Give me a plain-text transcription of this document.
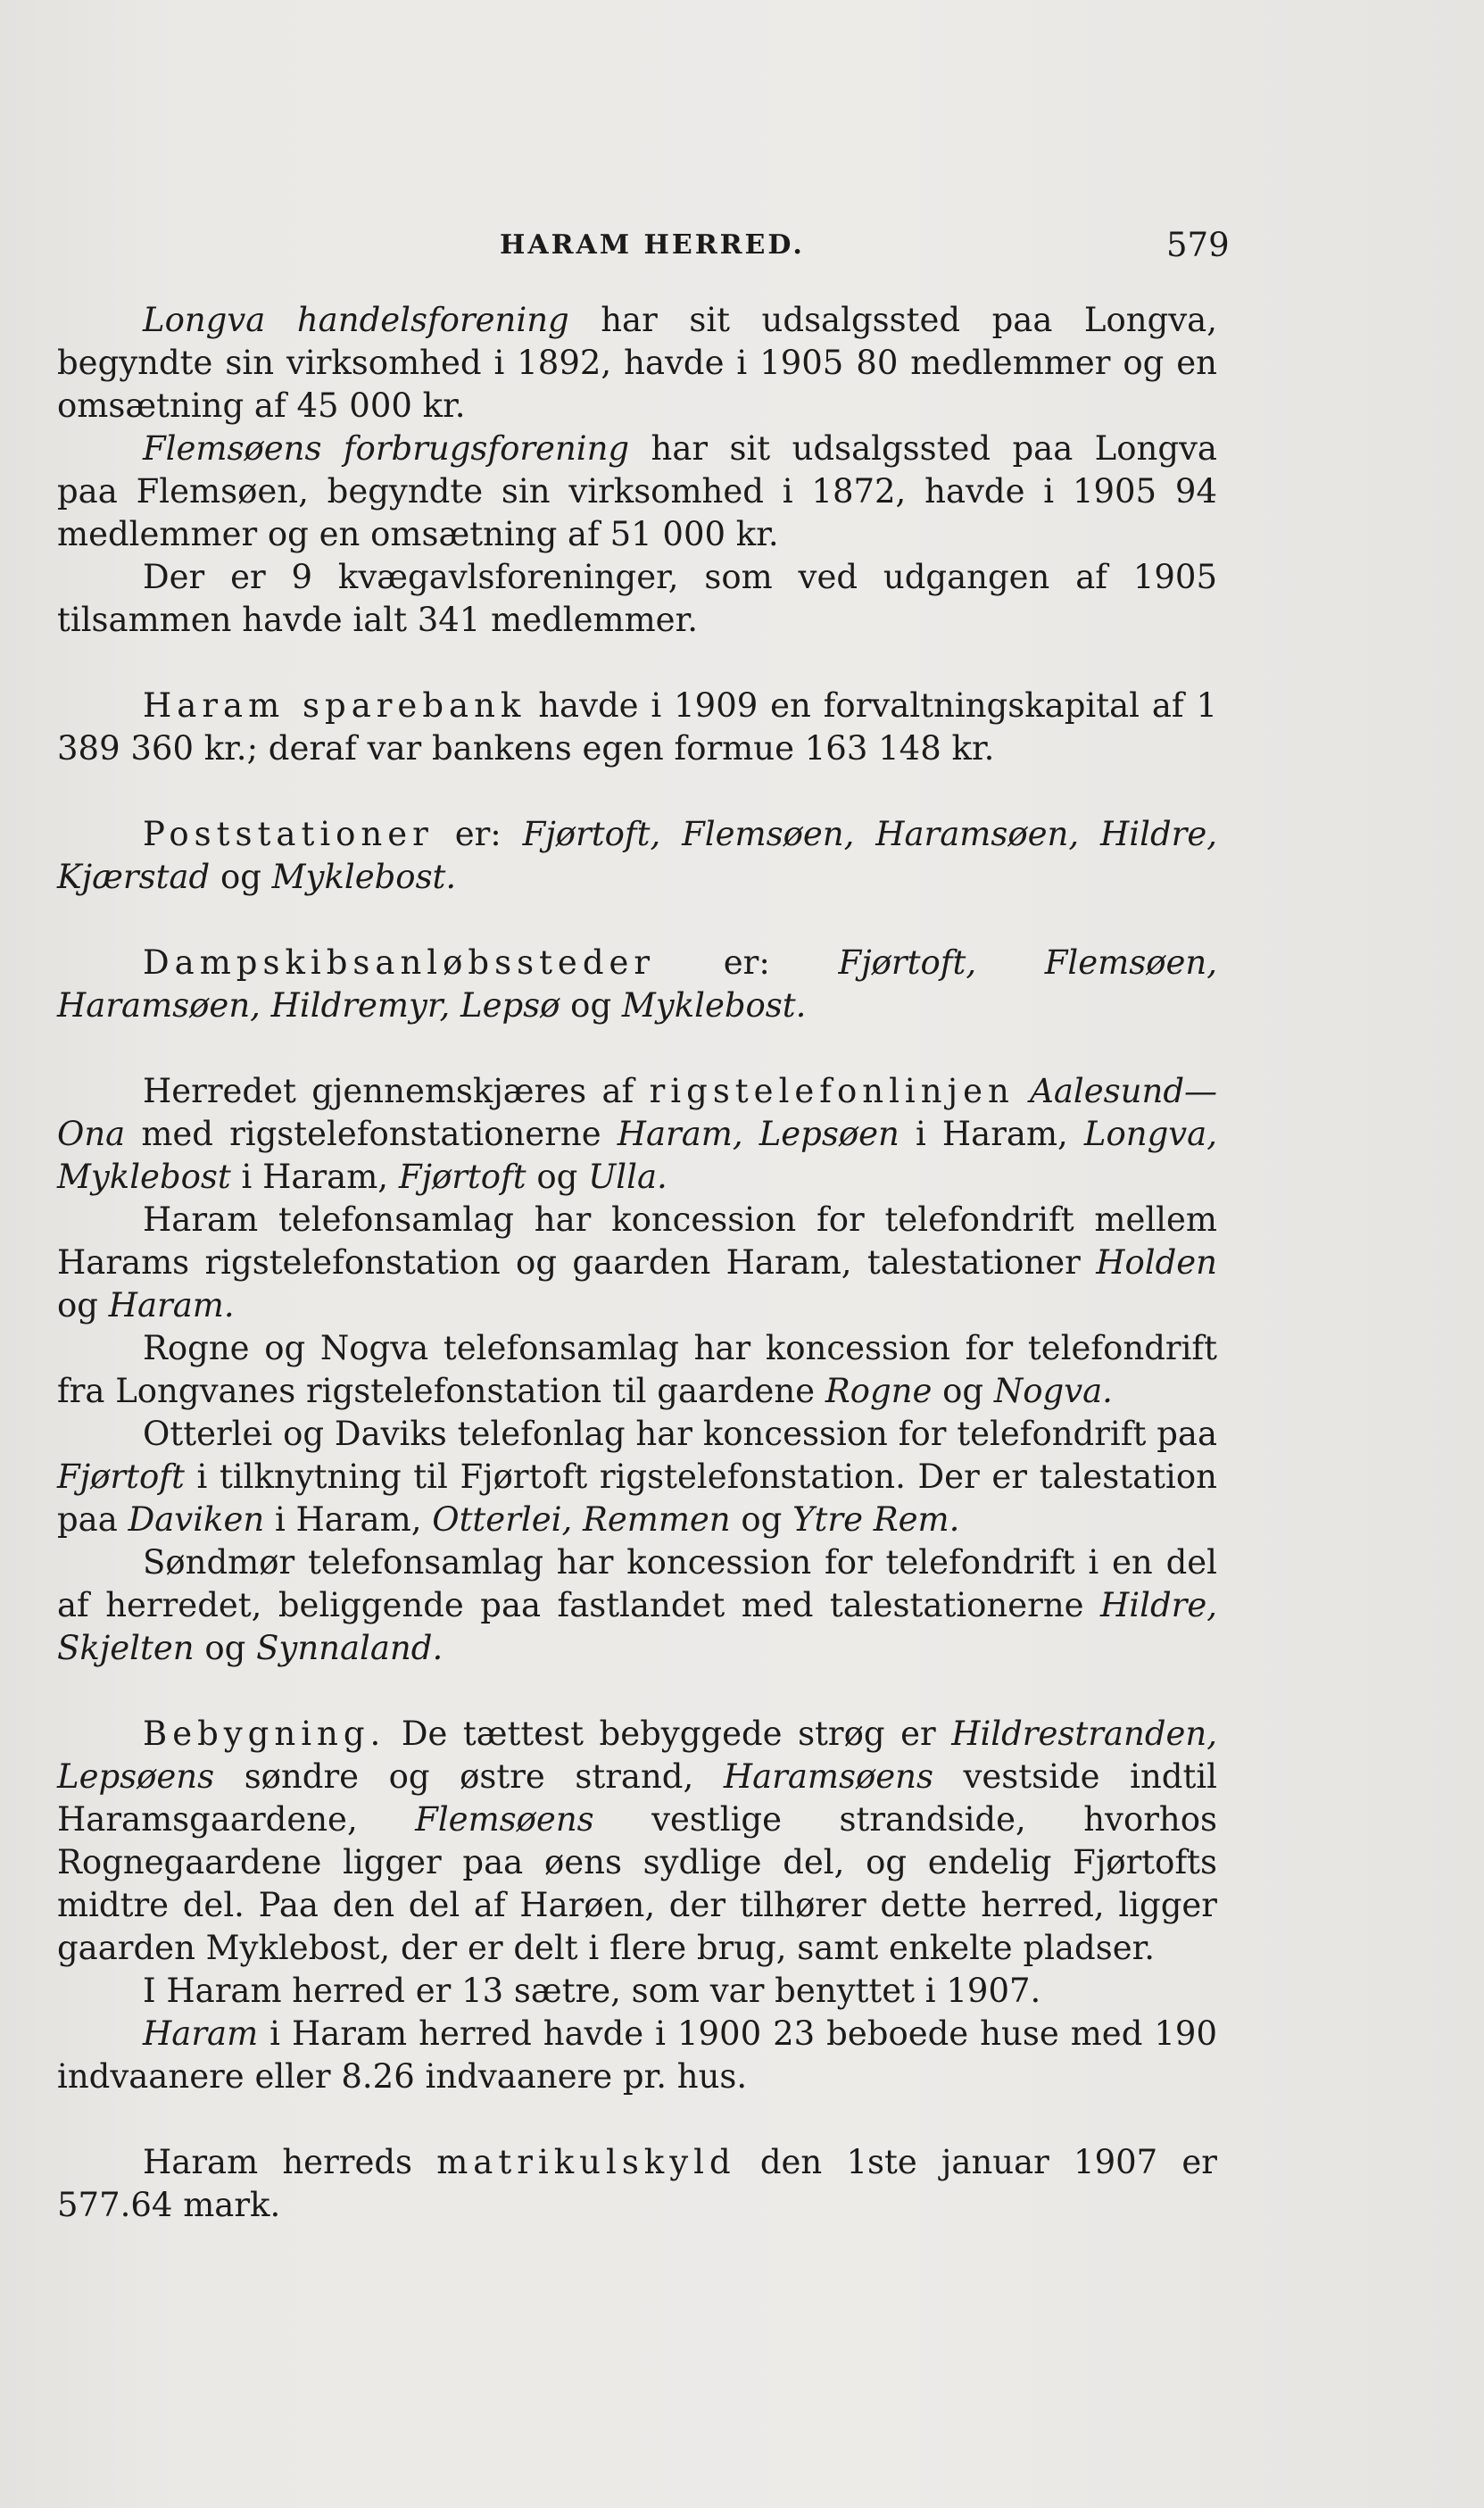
HARAM HERRED.	579

Longva handelsforening har sit udsalgssted paa Longva, begyndte sin virksomhed i 1892, havde i 1905 80 medlemmer og en omsætning af 45 000 kr.

Flemsøens forbrugsforening har sit udsalgssted paa Longva paa Flemsøen, begyndte sin virksomhed i 1872, havde i 1905 94 medlemmer og en omsætning af 51 000 kr.

Der er 9 kvægavlsforeninger, som ved udgangen af 1905 tilsammen havde ialt 341 medlemmer.

Haram sparebank havde i 1909 en forvaltningskapital af 1 389 360 kr.; deraf var bankens egen formue 163 148 kr.

Poststationer er: Fjørtoft, Flemsøen, Haramsøen, Hildre, Kjærstad og Myklebost.

Dampskibsanløbssteder er: Fjørtoft, Flemsøen, Haramsøen, Hildremyr, Lepsø og Myklebost.

Herredet gjennemskjæres af rigstelefonlinjen Aalesund—Ona med rigstelefonstationerne Haram, Lepsøen i Haram, Longva, Myklebost i Haram, Fjørtoft og Ulla.

Haram telefonsamlag har koncession for telefondrift mellem Harams rigstelefonstation og gaarden Haram, talestationer Holden og Haram.

Rogne og Nogva telefonsamlag har koncession for telefondrift fra Longvanes rigstelefonstation til gaardene Rogne og Nogva.

Otterlei og Daviks telefonlag har koncession for telefondrift paa Fjørtoft i tilknytning til Fjørtoft rigstelefonstation. Der er talestation paa Daviken i Haram, Otterlei, Remmen og Ytre Rem.

Søndmør telefonsamlag har koncession for telefondrift i en del af herredet, beliggende paa fastlandet med talestationerne Hildre, Skjelten og Synnaland.

Bebygning. De tættest bebyggede strøg er Hildrestranden, Lepsøens søndre og østre strand, Haramsøens vestside indtil Haramsgaardene, Flemsøens vestlige strandside, hvorhos Rognegaardene ligger paa øens sydlige del, og endelig Fjørtofts midtre del. Paa den del af Harøen, der tilhører dette herred, ligger gaarden Myklebost, der er delt i flere brug, samt enkelte pladser.

I Haram herred er 13 sætre, som var benyttet i 1907.

Haram i Haram herred havde i 1900 23 beboede huse med 190 indvaanere eller 8.26 indvaanere pr. hus.

Haram herreds matrikulskyld den 1ste januar 1907 er 577.64 mark.
